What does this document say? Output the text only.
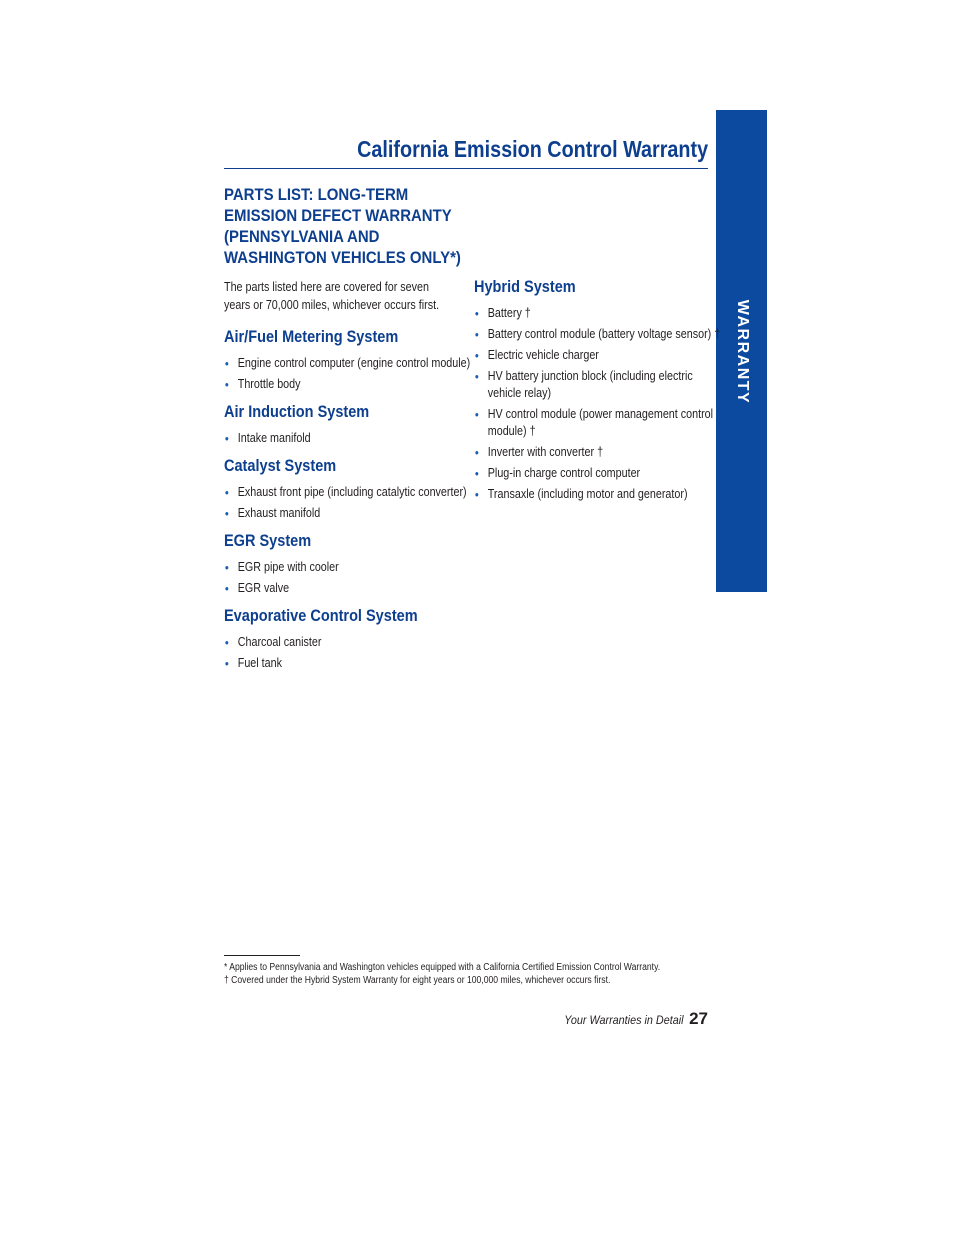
California Emission Control Warranty
WARRANTY
PARTS LIST: LONG-TERM
EMISSION DEFECT WARRANTY
(PENNSYLVANIA AND
WASHINGTON VEHICLES ONLY*)

The parts listed here are covered for seven years or 70,000 miles, whichever occurs first.

Air/Fuel Metering System
• Engine control computer (engine control module)
• Throttle body
Air Induction System
• Intake manifold
Catalyst System
• Exhaust front pipe (including catalytic converter)
• Exhaust manifold
EGR System
• EGR pipe with cooler
• EGR valve
Evaporative Control System
• Charcoal canister
• Fuel tank
Hybrid System
• Battery †
• Battery control module (battery voltage sensor) †
• Electric vehicle charger
• HV battery junction block (including electric vehicle relay)
• HV control module (power management control module) †
• Inverter with converter †
• Plug-in charge control computer
• Transaxle (including motor and generator)

* Applies to Pennsylvania and Washington vehicles equipped with a California Certified Emission Control Warranty.

† Covered under the Hybrid System Warranty for eight years or 100,000 miles, whichever occurs first.

Your Warranties in Detail 27
